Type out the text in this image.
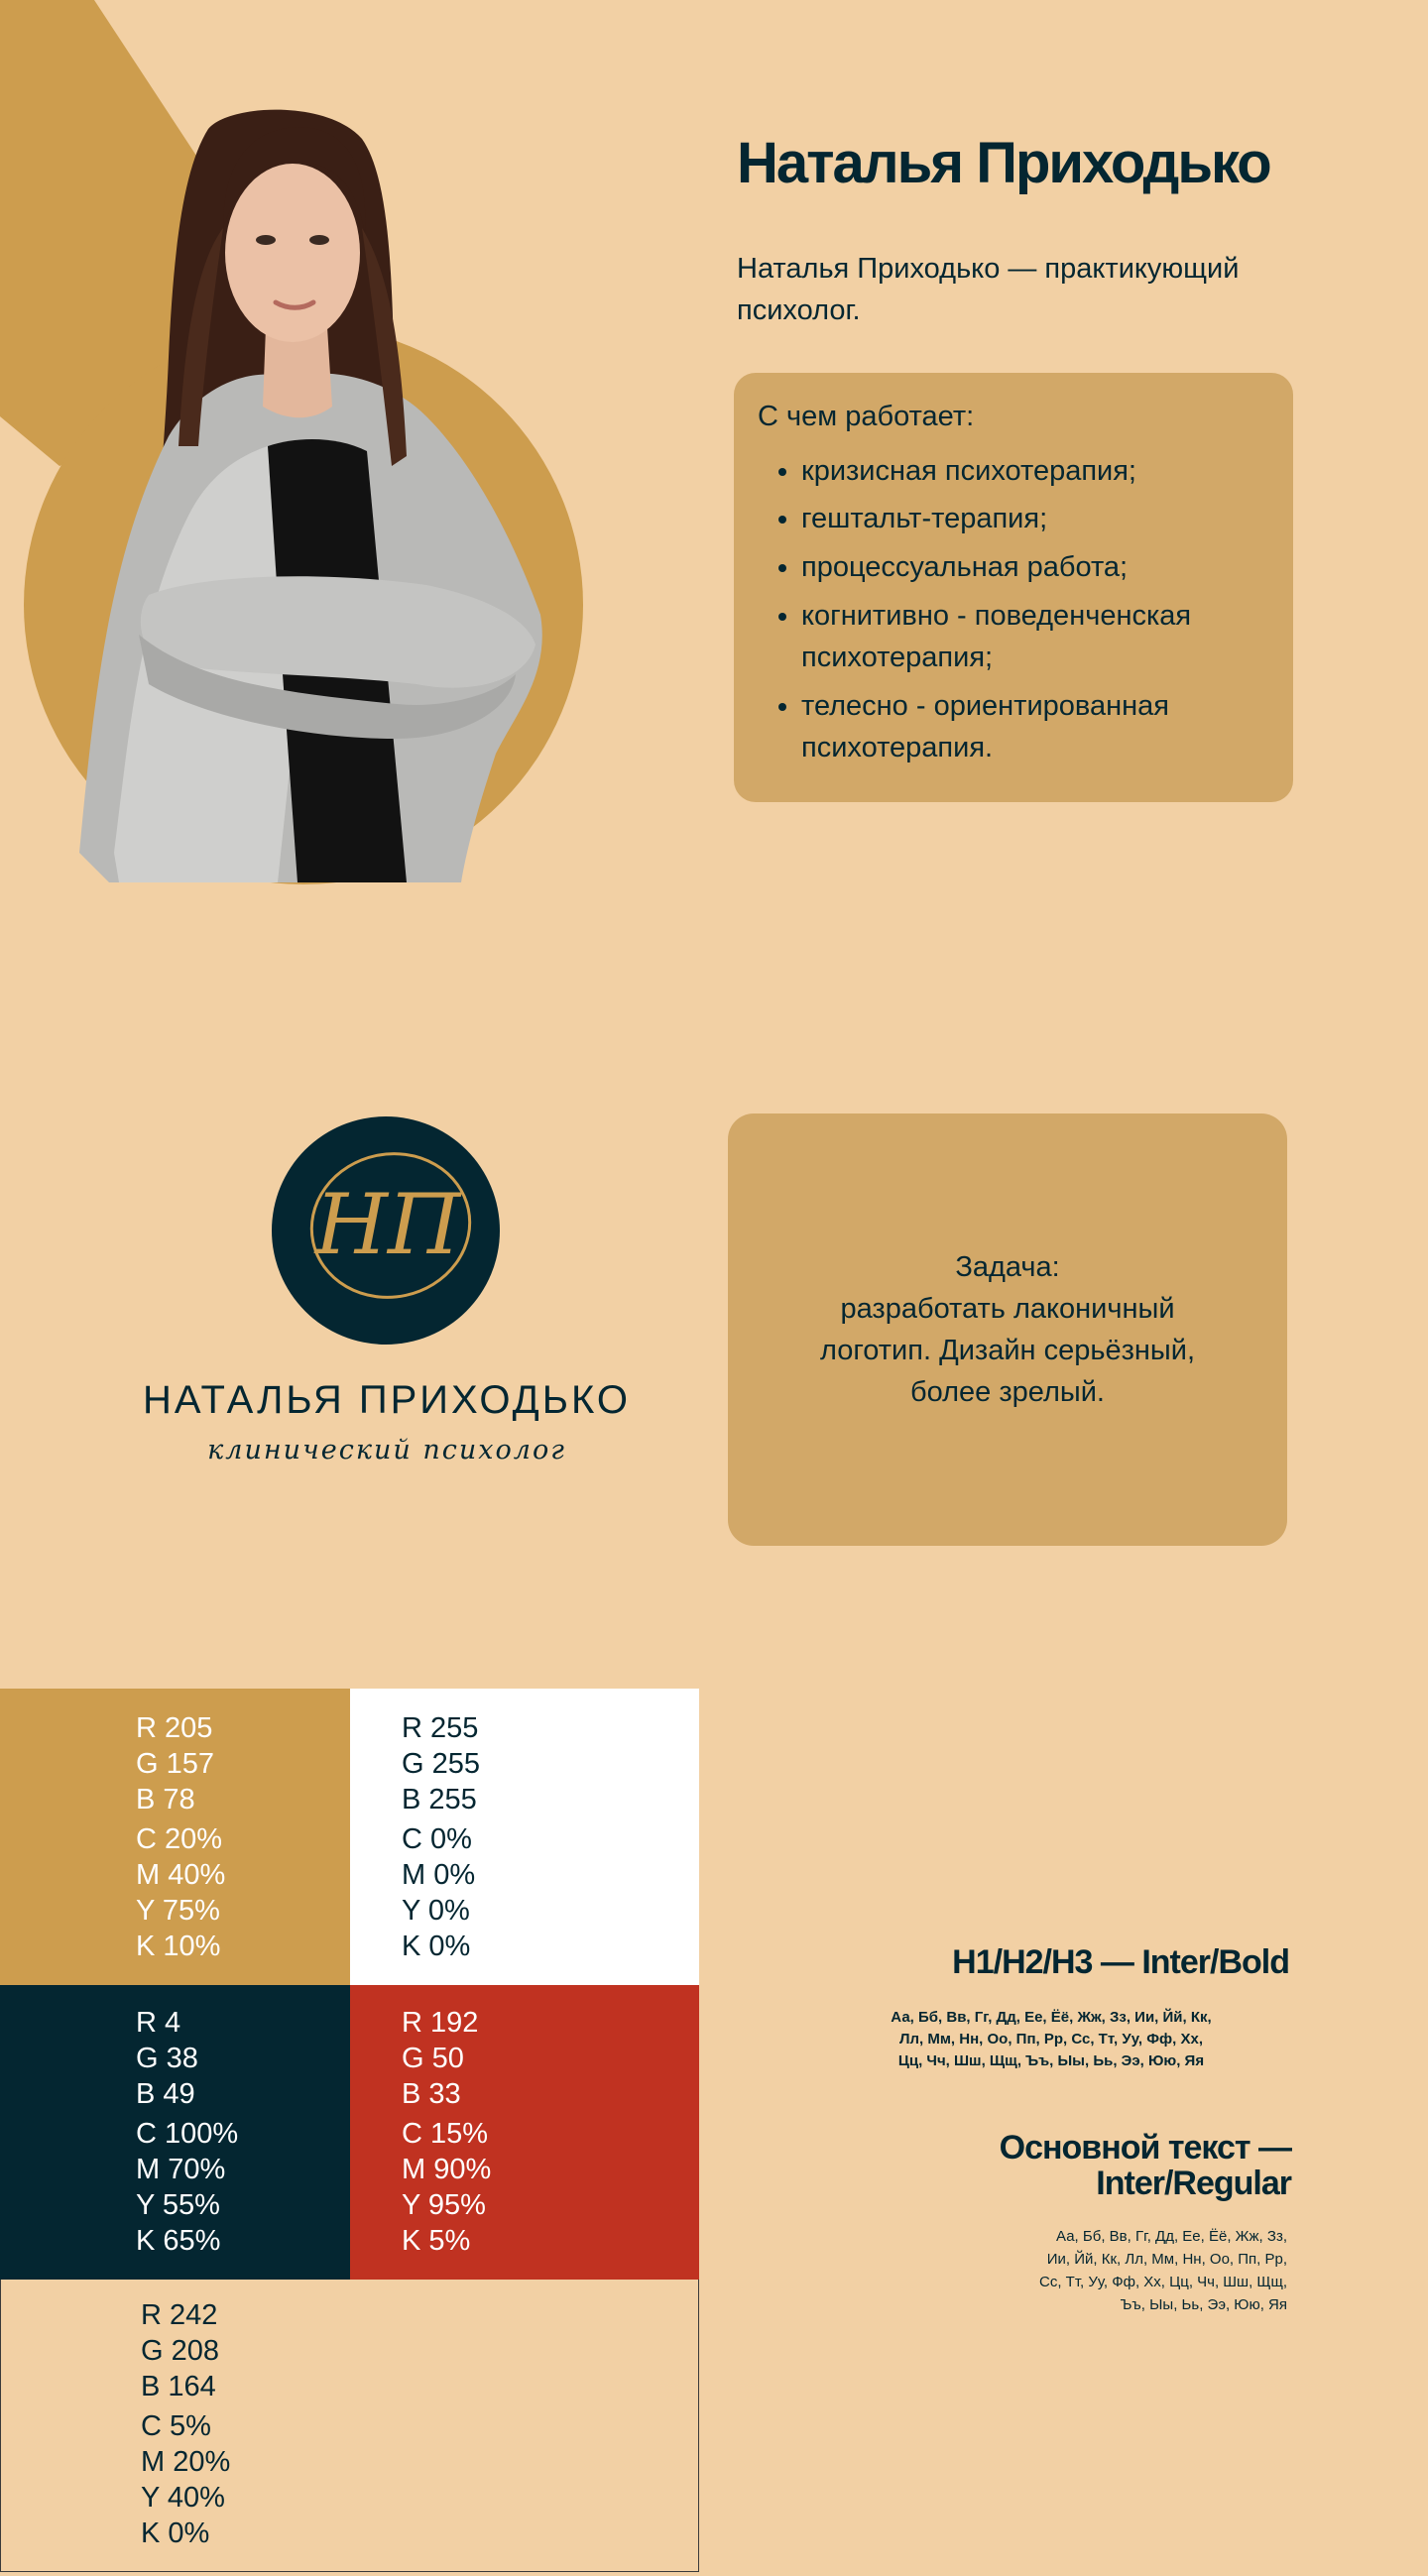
Наталья Приходько

Наталья Приходько — практикующий психолог.

С чем работает:

• кризисная психотерапия;
• гештальт-терапия;
• процессуальная работа;
• когнитивно - поведенченская психотерапия;
• телесно - ориентированная психотерапия.
НП

НАТАЛЬЯ ПРИХОДЬКО

клинический психолог

Задача:
разработать лаконичный
логотип. Дизайн серьёзный,
более зрелый.

R 205
G 157
B 78
C 20%
M 40%
Y 75%
K 10%
R 255
G 255
B 255
C 0%
M 0%
Y 0%
K 0%
R 4
G 38
B 49
C 100%
M 70%
Y 55%
K 65%
R 192
G 50
B 33
C 15%
M 90%
Y 95%
K 5%
R 242
G 208
B 164
C 5%
M 20%
Y 40%
K 0%

H1/H2/H3 — Inter/Bold

Аа, Бб, Вв, Гг, Дд, Ее, Ёё, Жж, Зз, Ии, Йй, Кк,
Лл, Мм, Нн, Оо, Пп, Рр, Сс, Тт, Уу, Фф, Хх,
Цц, Чч, Шш, Щщ, Ъъ, Ыы, Ьь, Ээ, Юю, Яя

Основной текст —
Inter/Regular

Аа, Бб, Вв, Гг, Дд, Ее, Ёё, Жж, Зз,
Ии, Йй, Кк, Лл, Мм, Нн, Оо, Пп, Рр,
Сс, Тт, Уу, Фф, Хх, Цц, Чч, Шш, Щщ,
Ъъ, Ыы, Ьь, Ээ, Юю, Яя
